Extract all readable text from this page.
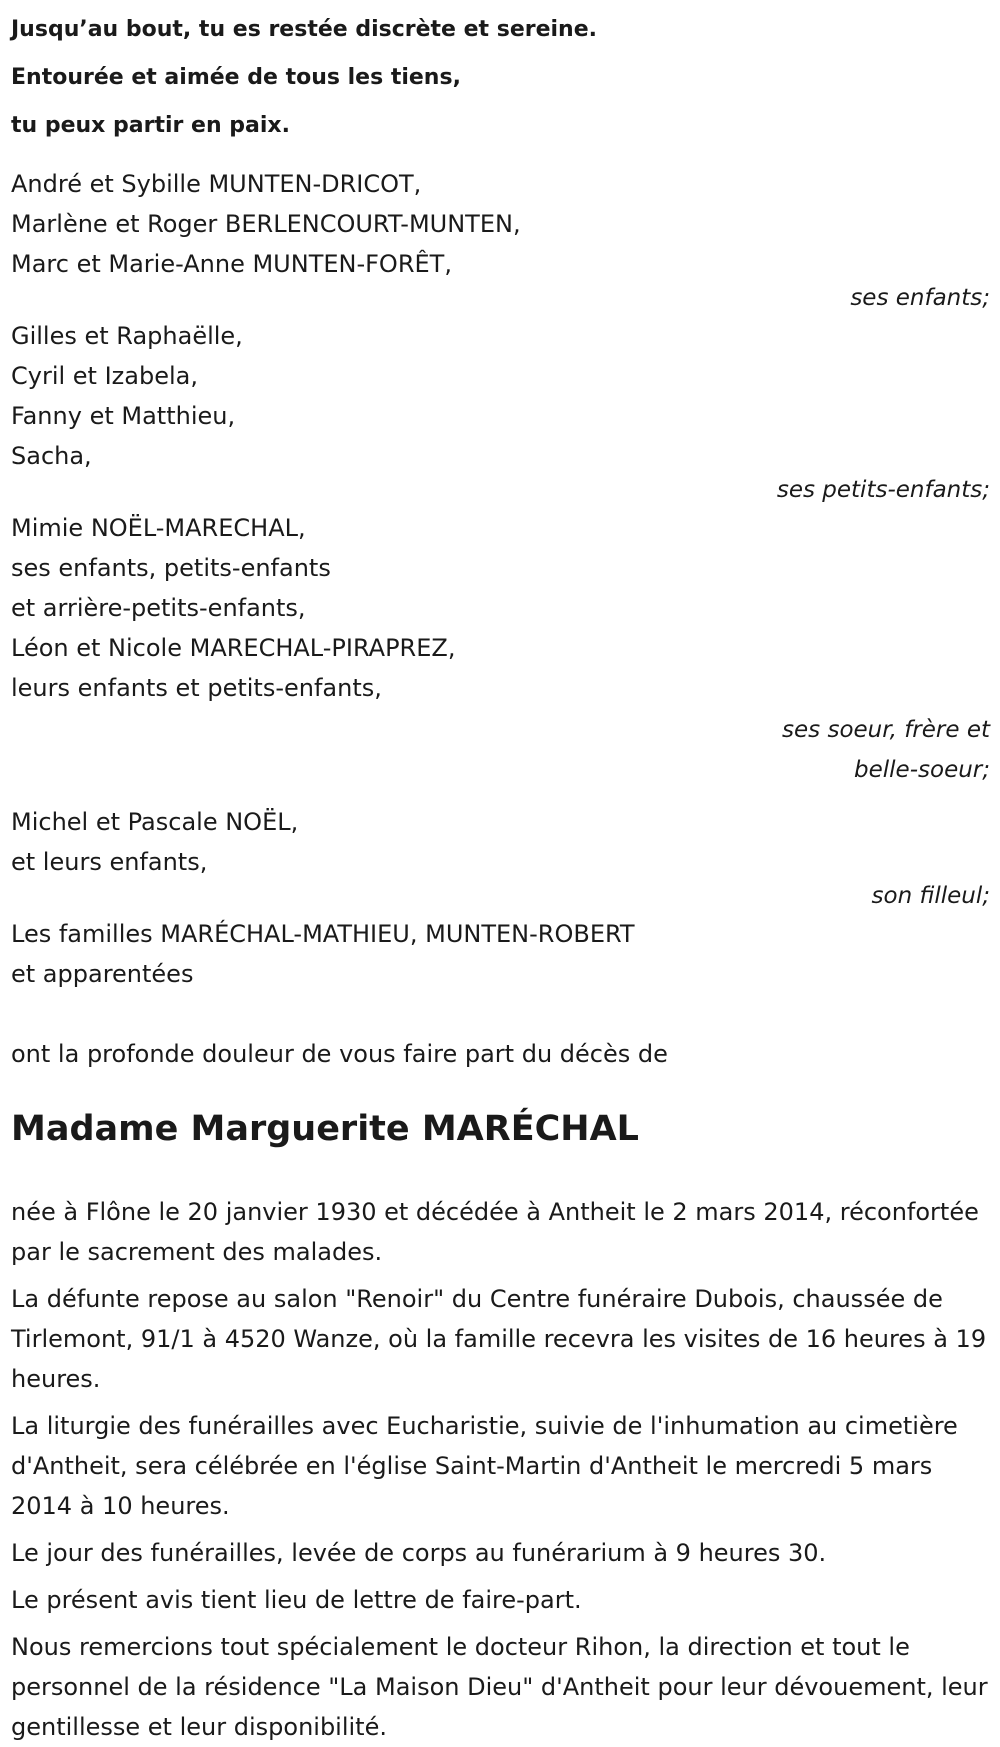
Jusqu’au bout, tu es restée discrète et sereine.
Entourée et aimée de tous les tiens,
tu peux partir en paix.
André et Sybille MUNTEN-DRICOT,
Marlène et Roger BERLENCOURT-MUNTEN,
Marc et Marie-Anne MUNTEN-FORÊT,
ses enfants;
Gilles et Raphaëlle,
Cyril et Izabela,
Fanny et Matthieu,
Sacha,
ses petits-enfants;
Mimie NOËL-MARECHAL,
ses enfants, petits-enfants
et arrière-petits-enfants,
Léon et Nicole MARECHAL-PIRAPREZ,
leurs enfants et petits-enfants,
ses soeur, frère et
belle-soeur;
Michel et Pascale NOËL,
et leurs enfants,
son filleul;
Les familles MARÉCHAL-MATHIEU, MUNTEN-ROBERT
et apparentées
ont la profonde douleur de vous faire part du décès de
Madame Marguerite MARÉCHAL

née à Flône le 20 janvier 1930 et décédée à Antheit le 2 mars 2014, réconfortée par le sacrement des malades.

La défunte repose au salon "Renoir" du Centre funéraire Dubois, chaussée de Tirlemont, 91/1 à 4520 Wanze, où la famille recevra les visites de 16 heures à 19 heures.

La liturgie des funérailles avec Eucharistie, suivie de l'inhumation au cimetière d'Antheit, sera célébrée en l'église Saint-Martin d'Antheit le mercredi 5 mars 2014 à 10 heures.

Le jour des funérailles, levée de corps au funérarium à 9 heures 30.

Le présent avis tient lieu de lettre de faire-part.

Nous remercions tout spécialement le docteur Rihon, la direction et tout le personnel de la résidence "La Maison Dieu" d'Antheit pour leur dévouement, leur gentillesse et leur disponibilité.
